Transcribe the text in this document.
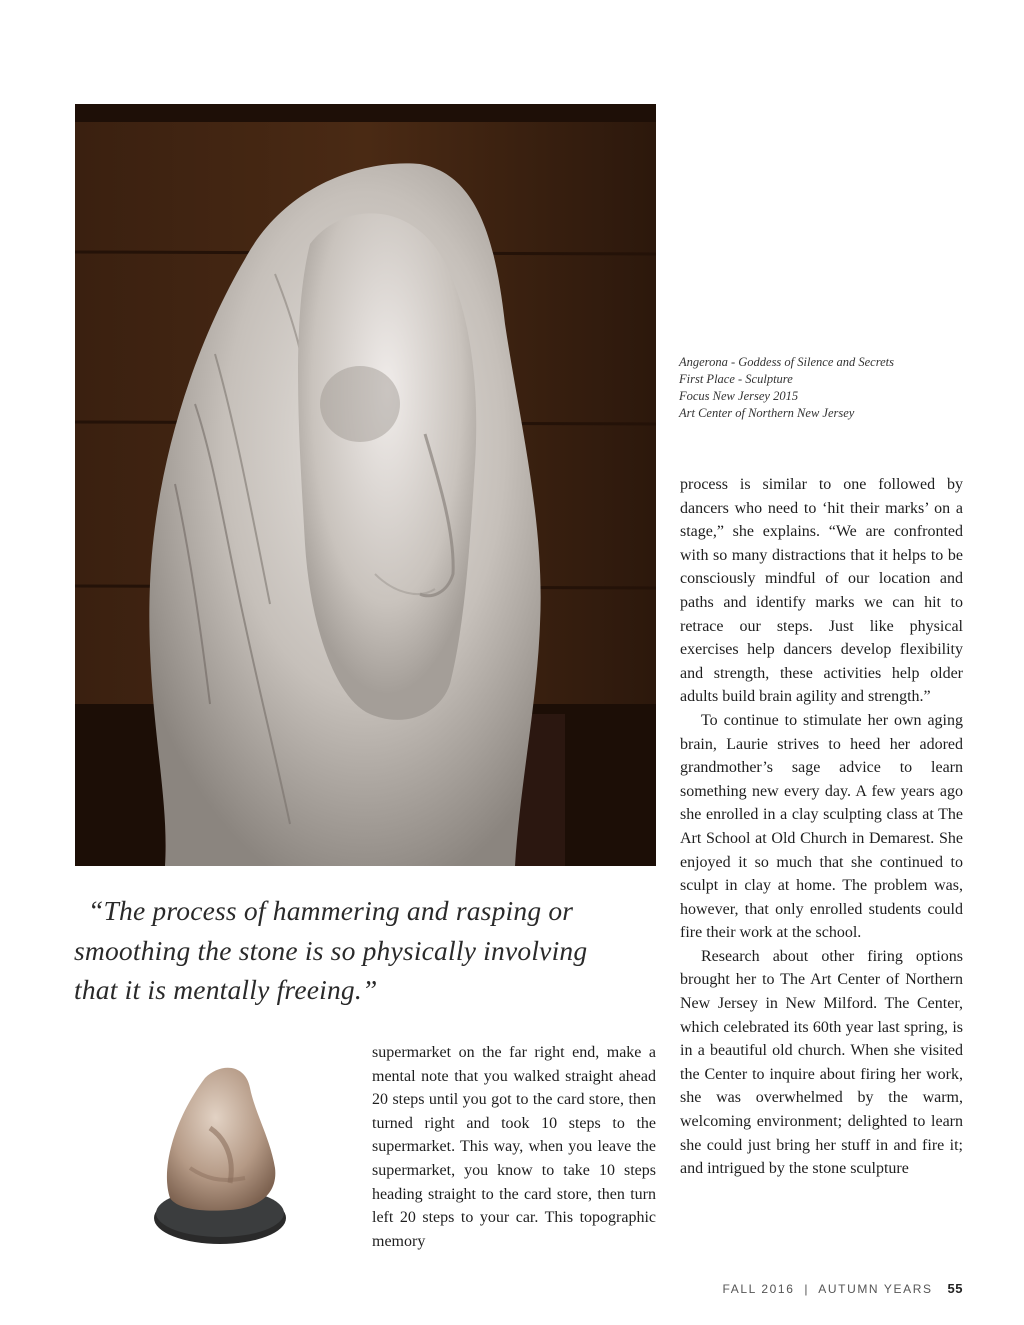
Angerona - Goddess of Silence and Secrets
First Place - Sculpture
Focus New Jersey 2015
Art Center of Northern New Jersey
“The process of hammering and rasping or
smoothing the stone is so physically involving
that it is mentally freeing.”

supermarket on the far right end, make a mental note that you walked straight ahead 20 steps until you got to the card store, then turned right and took 10 steps to the supermarket. This way, when you leave the supermarket, you know to take 10 steps heading straight to the card store, then turn left 20 steps to your car. This topographic memory

process is similar to one followed by dancers who need to ‘hit their marks’ on a stage,” she explains. “We are confronted with so many distractions that it helps to be consciously mindful of our location and paths and identify marks we can hit to retrace our steps. Just like physical exercises help dancers develop flexibility and strength, these activities help older adults build brain agility and strength.”

To continue to stimulate her own aging brain, Laurie strives to heed her adored grandmother’s sage advice to learn something new every day. A few years ago she enrolled in a clay sculpting class at The Art School at Old Church in Demarest. She enjoyed it so much that she continued to sculpt in clay at home. The problem was, however, that only enrolled students could fire their work at the school.

Research about other firing options brought her to The Art Center of Northern New Jersey in New Milford. The Center, which celebrated its 60th year last spring, is in a beautiful old church. When she visited the Center to inquire about firing her work, she was overwhelmed by the warm, welcoming environment; delighted to learn she could just bring her stuff in and fire it; and intrigued by the stone sculpture

FALL 2016  |  AUTUMN YEARS 55
